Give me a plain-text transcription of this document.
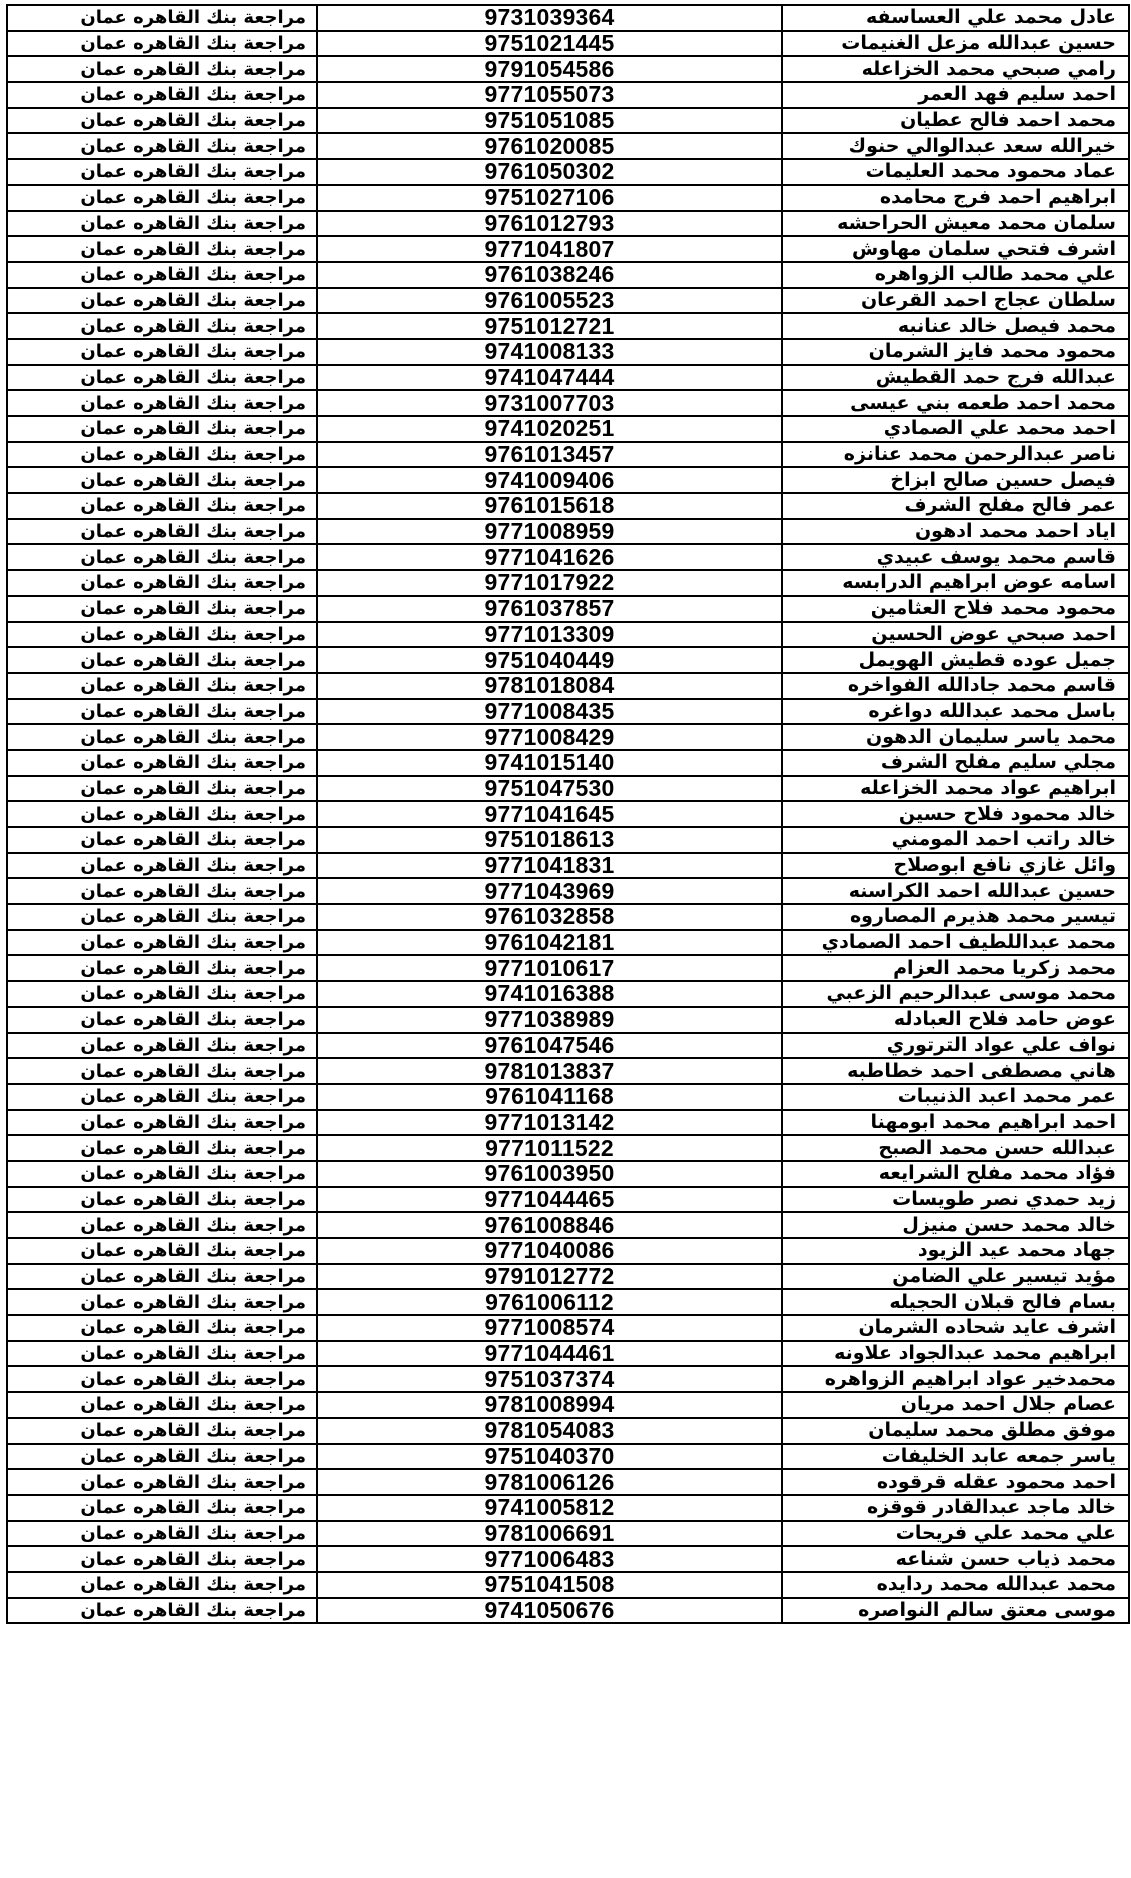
مراجعة بنك القاهره عمان	9731039364	عادل محمد علي العساسفه
مراجعة بنك القاهره عمان	9751021445	حسين عبدالله مزعل الغنيمات
مراجعة بنك القاهره عمان	9791054586	رامي صبحي محمد الخزاعله
مراجعة بنك القاهره عمان	9771055073	احمد سليم فهد العمر
مراجعة بنك القاهره عمان	9751051085	محمد احمد فالح عطيان
مراجعة بنك القاهره عمان	9761020085	خيرالله سعد عبدالوالي حنوك
مراجعة بنك القاهره عمان	9761050302	عماد محمود محمد العليمات
مراجعة بنك القاهره عمان	9751027106	ابراهيم احمد فرج محامده
مراجعة بنك القاهره عمان	9761012793	سلمان محمد معيش الحراحشه
مراجعة بنك القاهره عمان	9771041807	اشرف فتحي سلمان مهاوش
مراجعة بنك القاهره عمان	9761038246	علي محمد طالب الزواهره
مراجعة بنك القاهره عمان	9761005523	سلطان عجاج احمد القرعان
مراجعة بنك القاهره عمان	9751012721	محمد فيصل خالد عنانبه
مراجعة بنك القاهره عمان	9741008133	محمود محمد فايز الشرمان
مراجعة بنك القاهره عمان	9741047444	عبدالله فرج حمد القطيش
مراجعة بنك القاهره عمان	9731007703	محمد احمد طعمه بني عيسى
مراجعة بنك القاهره عمان	9741020251	احمد محمد علي الصمادي
مراجعة بنك القاهره عمان	9761013457	ناصر عبدالرحمن محمد عنانزه
مراجعة بنك القاهره عمان	9741009406	فيصل حسين صالح ابزاخ
مراجعة بنك القاهره عمان	9761015618	عمر فالح مفلح الشرف
مراجعة بنك القاهره عمان	9771008959	اياد احمد محمد ادهون
مراجعة بنك القاهره عمان	9771041626	قاسم محمد يوسف عبيدي
مراجعة بنك القاهره عمان	9771017922	اسامه عوض ابراهيم الدرابسه
مراجعة بنك القاهره عمان	9761037857	محمود محمد فلاح العثامين
مراجعة بنك القاهره عمان	9771013309	احمد صبحي عوض الحسين
مراجعة بنك القاهره عمان	9751040449	جميل عوده قطيش الهويمل
مراجعة بنك القاهره عمان	9781018084	قاسم محمد جادالله الفواخره
مراجعة بنك القاهره عمان	9771008435	باسل محمد عبدالله دواغره
مراجعة بنك القاهره عمان	9771008429	محمد ياسر سليمان الدهون
مراجعة بنك القاهره عمان	9741015140	مجلي سليم مفلح الشرف
مراجعة بنك القاهره عمان	9751047530	ابراهيم عواد محمد الخزاعله
مراجعة بنك القاهره عمان	9771041645	خالد محمود فلاح حسين
مراجعة بنك القاهره عمان	9751018613	خالد راتب احمد المومني
مراجعة بنك القاهره عمان	9771041831	وائل غازي نافع ابوصلاح
مراجعة بنك القاهره عمان	9771043969	حسين عبدالله احمد الكراسنه
مراجعة بنك القاهره عمان	9761032858	تيسير محمد هذيرم المصاروه
مراجعة بنك القاهره عمان	9761042181	محمد عبداللطيف احمد الصمادي
مراجعة بنك القاهره عمان	9771010617	محمد زكريا محمد العزام
مراجعة بنك القاهره عمان	9741016388	محمد موسى عبدالرحيم الزعبي
مراجعة بنك القاهره عمان	9771038989	عوض حامد فلاح العبادله
مراجعة بنك القاهره عمان	9761047546	نواف علي عواد الترتوري
مراجعة بنك القاهره عمان	9781013837	هاني مصطفى احمد خطاطبه
مراجعة بنك القاهره عمان	9761041168	عمر محمد اعبد الذنيبات
مراجعة بنك القاهره عمان	9771013142	احمد ابراهيم محمد ابومهنا
مراجعة بنك القاهره عمان	9771011522	عبدالله حسن محمد الصبح
مراجعة بنك القاهره عمان	9761003950	فؤاد محمد مفلح الشرايعه
مراجعة بنك القاهره عمان	9771044465	زيد حمدي نصر طويسات
مراجعة بنك القاهره عمان	9761008846	خالد محمد حسن منيزل
مراجعة بنك القاهره عمان	9771040086	جهاد محمد عيد الزيود
مراجعة بنك القاهره عمان	9791012772	مؤيد تيسير علي الضامن
مراجعة بنك القاهره عمان	9761006112	بسام فالح قبلان الحجيله
مراجعة بنك القاهره عمان	9771008574	اشرف عايد شحاده الشرمان
مراجعة بنك القاهره عمان	9771044461	ابراهيم محمد عبدالجواد علاونه
مراجعة بنك القاهره عمان	9751037374	محمدخير عواد ابراهيم الزواهره
مراجعة بنك القاهره عمان	9781008994	عصام جلال احمد مريان
مراجعة بنك القاهره عمان	9781054083	موفق مطلق محمد سليمان
مراجعة بنك القاهره عمان	9751040370	ياسر جمعه عابد الخليفات
مراجعة بنك القاهره عمان	9781006126	احمد محمود عقله قرقوده
مراجعة بنك القاهره عمان	9741005812	خالد ماجد عبدالقادر قوقزه
مراجعة بنك القاهره عمان	9781006691	علي محمد علي فريحات
مراجعة بنك القاهره عمان	9771006483	محمد ذياب حسن شناعه
مراجعة بنك القاهره عمان	9751041508	محمد عبدالله محمد ردايده
مراجعة بنك القاهره عمان	9741050676	موسى معتق سالم النواصره
